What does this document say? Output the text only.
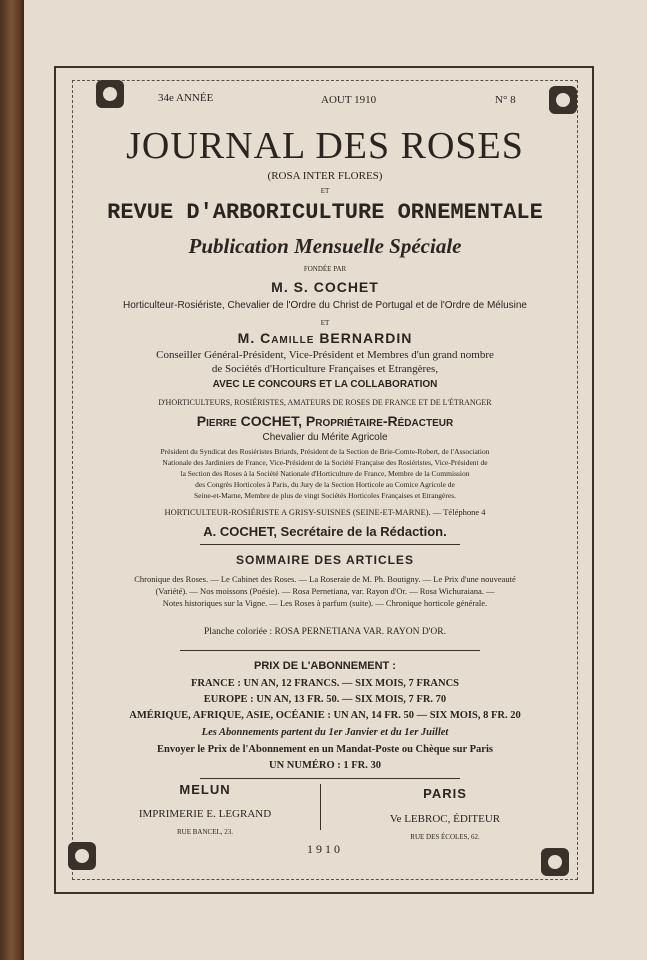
34e ANNÉE	AOUT 1910	N° 8
JOURNAL DES ROSES
(ROSA INTER FLORES)
ET
REVUE D'ARBORICULTURE ORNEMENTALE
Publication Mensuelle Spéciale
FONDÉE PAR
M. S. COCHET
Horticulteur-Rosiériste, Chevalier de l'Ordre du Christ de Portugal et de l'Ordre de Mélusine
ET
M. Camille BERNARDIN
Conseiller Général-Président, Vice-Président et Membres d'un grand nombre
de Sociétés d'Horticulture Françaises et Etrangères,
AVEC LE CONCOURS ET LA COLLABORATION
D'HORTICULTEURS, ROSIÉRISTES, AMATEURS DE ROSES DE FRANCE ET DE L'ÉTRANGER
Pierre COCHET, Propriétaire-Rédacteur
Chevalier du Mérite Agricole
Président du Syndicat des Rosiéristes Briards, Président de la Section de Brie-Comte-Robert, de l'Association
Nationale des Jardiniers de France, Vice-Président de la Société Française des Rosiéristes, Vice-Président de
la Section des Roses à la Société Nationale d'Horticulture de France, Membre de la Commission
des Congrès Horticoles à Paris, du Jury de la Section Horticole au Comice Agricole de
Seine-et-Marne, Membre de plus de vingt Sociétés Horticoles Françaises et Etrangères.
HORTICULTEUR-ROSIÉRISTE A GRISY-SUISNES (SEINE-ET-MARNE). — Téléphone 4
A. COCHET, Secrétaire de la Rédaction.
SOMMAIRE DES ARTICLES
Chronique des Roses. — Le Cabinet des Roses. — La Roseraie de M. Ph. Boutigny. — Le Prix d'une nouveauté
(Variété). — Nos moissons (Poésie). — Rosa Pernetiana, var. Rayon d'Or. — Rosa Wichuraiana. —
Notes historiques sur la Vigne. — Les Roses à parfum (suite). — Chronique horticole générale.
Planche coloriée : ROSA PERNETIANA VAR. RAYON D'OR.
PRIX DE L'ABONNEMENT :
FRANCE : UN AN, 12 FRANCS. — SIX MOIS, 7 FRANCS
EUROPE : UN AN, 13 FR. 50. — SIX MOIS, 7 FR. 70
AMÉRIQUE, AFRIQUE, ASIE, OCÉANIE : UN AN, 14 FR. 50 — SIX MOIS, 8 FR. 20
Les Abonnements partent du 1er Janvier et du 1er Juillet
Envoyer le Prix de l'Abonnement en un Mandat-Poste ou Chèque sur Paris
UN NUMÉRO : 1 FR. 30
MELUN
IMPRIMERIE E. LEGRAND
RUE BANCEL, 23.
PARIS
Ve LEBROC, ÉDITEUR
RUE DES ÉCOLES, 62.
1910
